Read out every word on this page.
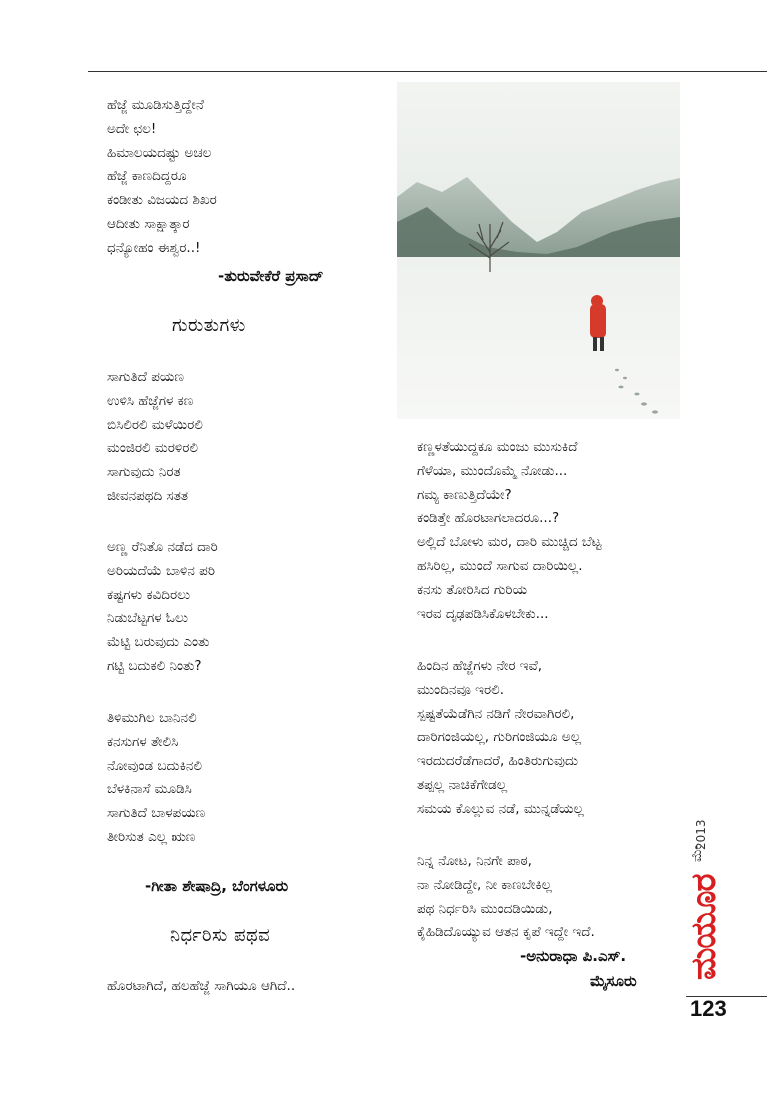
ಹೆಜ್ಜೆ ಮೂಡಿಸುತ್ತಿದ್ದೇನೆ
ಅದೇ ಛಲ!
ಹಿಮಾಲಯದಷ್ಟು ಅಚಲ
ಹೆಜ್ಜೆ ಕಾಣದಿದ್ದರೂ
ಕಂಡೀತು ವಿಜಯದ ಶಿಖರ
ಆದೀತು ಸಾಕ್ಷಾತ್ಕಾರ
ಧನ್ಯೋಹಂ ಈಶ್ವರ..!
-ತುರುವೇಕೆರೆ ಪ್ರಸಾದ್
ಗುರುತುಗಳು
ಸಾಗುತಿದೆ ಪಯಣ
ಉಳಿಸಿ ಹೆಜ್ಜೆಗಳ ಕಣ
ಬಿಸಿಲಿರಲಿ ಮಳೆಯಿರಲಿ
ಮಂಜಿರಲಿ ಮರಳಿರಲಿ
ಸಾಗುವುದು ನಿರತ
ಜೀವನಪಥದಿ ಸತತ
ಅಣ್ಣ ರೆನಿತೊ ನಡೆದ ದಾರಿ
ಅರಿಯದೆಯೆ ಬಾಳಿನ ಪರಿ
ಕಷ್ಟಗಳು ಕವಿದಿರಲು
ನಿಡುಬೆಟ್ಟಗಳ ಓಲು
ಮೆಟ್ಟಿ ಬರುವುದು ಎಂತು
ಗಟ್ಟಿ ಬದುಕಲಿ ನಿಂತು?
ತಿಳಿಮುಗಿಲ ಬಾನಿನಲಿ
ಕನಸುಗಳ ತೇಲಿಸಿ
ನೋವುಂಡ ಬದುಕಿನಲಿ
ಬೆಳಕಿನಾಸೆ ಮೂಡಿಸಿ
ಸಾಗುತಿದೆ ಬಾಳಪಯಣ
ತೀರಿಸುತ ಎಲ್ಲ ಋಣ
-ಗೀತಾ ಶೇಷಾದ್ರಿ, ಬೆಂಗಳೂರು
ನಿರ್ಧರಿಸು ಪಥವ
ಹೊರಟಾಗಿದೆ, ಹಲಹೆಜ್ಜೆ ಸಾಗಿಯೂ ಆಗಿದೆ..
ಕಣ್ಣಳತೆಯುದ್ದಕೂ ಮಂಜು ಮುಸುಕಿದೆ
ಗೆಳೆಯಾ, ಮುಂದೊಮ್ಮೆ ನೋಡು...
ಗಮ್ಯ ಕಾಣುತ್ತಿದೆಯೇ?
ಕಂಡಿತ್ತೇ ಹೊರಟಾಗಲಾದರೂ...?
ಅಲ್ಲಿದೆ ಬೋಳು ಮರ, ದಾರಿ ಮುಚ್ಚಿದ ಬೆಟ್ಟ
ಹಸಿರಿಲ್ಲ, ಮುಂದೆ ಸಾಗುವ ದಾರಿಯಿಲ್ಲ.
ಕನಸು ತೋರಿಸಿದ ಗುರಿಯ
ಇರವ ದೃಢಪಡಿಸಿಕೊಳಬೇಕು...
ಹಿಂದಿನ ಹೆಜ್ಜೆಗಳು ನೇರ ಇವೆ,
ಮುಂದಿನವೂ ಇರಲಿ.
ಸ್ಪಷ್ಟತೆಯೆಡೆಗಿನ ನಡಿಗೆ ನೇರವಾಗಿರಲಿ,
ದಾರಿಗಂಜಿಯಲ್ಲ, ಗುರಿಗಂಜಿಯೂ ಅಲ್ಲ
ಇರದುದರೆಡೆಗಾದರೆ, ಹಿಂತಿರುಗುವುದು
ತಪ್ಪಲ್ಲ ನಾಚಿಕೆಗೇಡಲ್ಲ
ಸಮಯ ಕೊಲ್ಲುವ ನಡೆ, ಮುನ್ನಡೆಯಲ್ಲ
ನಿನ್ನ ನೋಟ, ನಿನಗೇ ಪಾಠ,
ನಾ ನೋಡಿದ್ದೇ, ನೀ ಕಾಣಬೇಕಿಲ್ಲ
ಪಥ ನಿರ್ಧರಿಸಿ ಮುಂದಡಿಯಿಡು,
ಕೈಹಿಡಿದೊಯ್ಯುವ ಆತನ ಕೃಪೆ ಇದ್ದೇ ಇದೆ.
-ಅನುರಾಧಾ ಪಿ.ಎಸ್.
ಮೈಸೂರು
2013
ಮೇ
ಮಯೂರ
123
